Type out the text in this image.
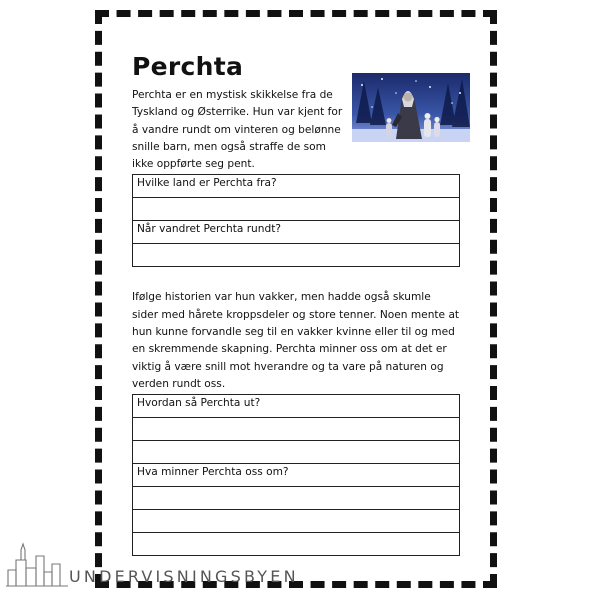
Perchta

Perchta er en mystisk skikkelse fra de Tyskland og Østerrike. Hun var kjent for å vandre rundt om vinteren og belønne snille barn, men også straffe de som ikke oppførte seg pent.

Hvilke land er Perchta fra?

Når vandret Perchta rundt?

Ifølge historien var hun vakker, men hadde også skumle sider med hårete kroppsdeler og store tenner. Noen mente at hun kunne forvandle seg til en vakker kvinne eller til og med en skremmende skapning. Perchta minner oss om at det er viktig å være snill mot hverandre og ta vare på naturen og verden rundt oss.

Hvordan så Perchta ut?

Hva minner Perchta oss om?

UNDERVISNINGSBYEN
